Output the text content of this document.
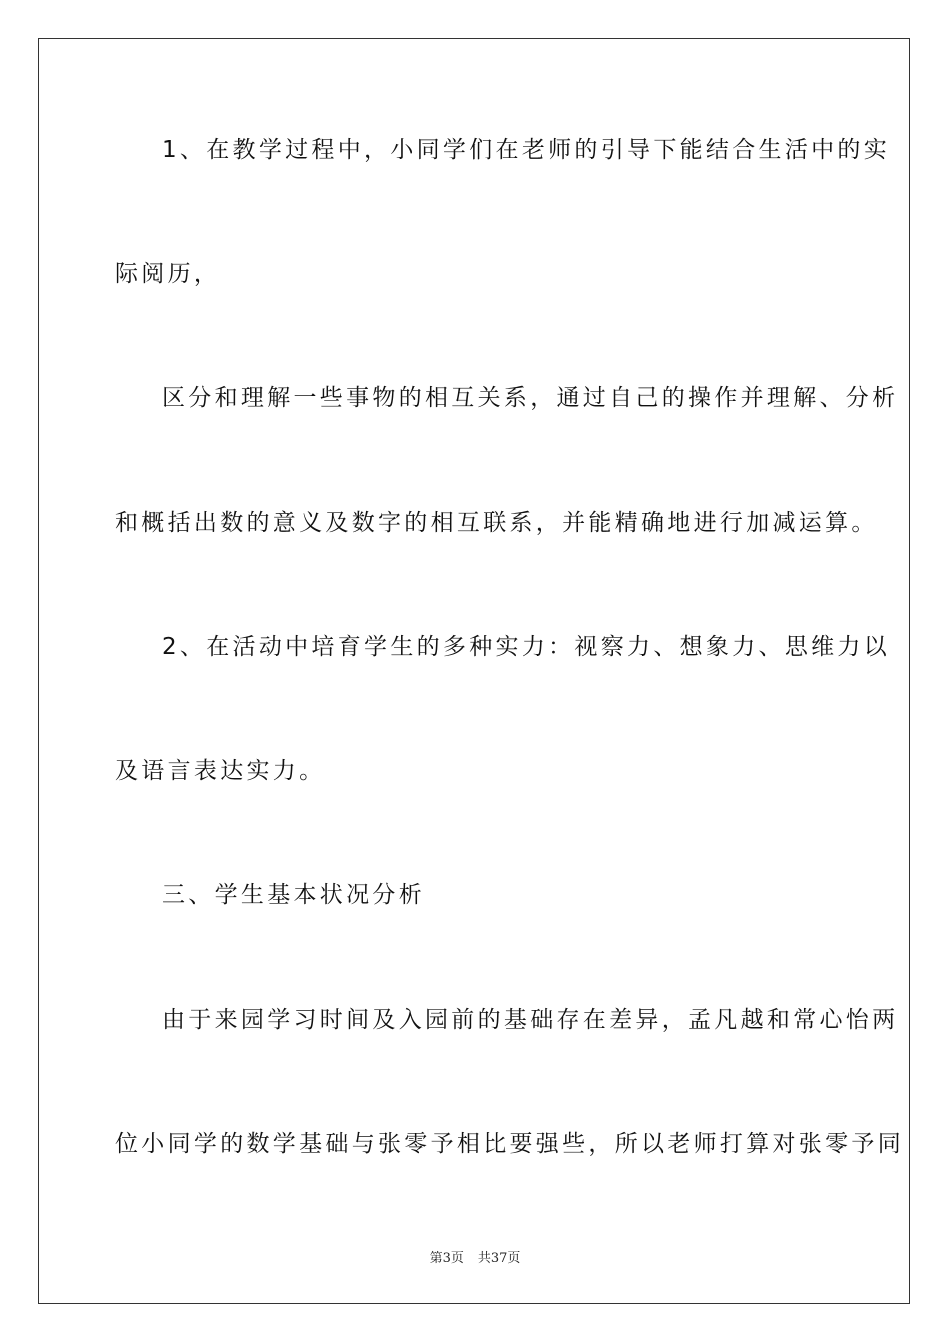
1、在教学过程中，小同学们在老师的引导下能结合生活中的实
际阅历，
区分和理解一些事物的相互关系，通过自己的操作并理解、分析
和概括出数的意义及数字的相互联系，并能精确地进行加减运算。
2、在活动中培育学生的多种实力：视察力、想象力、思维力以
及语言表达实力。
三、学生基本状况分析
由于来园学习时间及入园前的基础存在差异，孟凡越和常心怡两
位小同学的数学基础与张零予相比要强些，所以老师打算对张零予同
第3页 共37页
